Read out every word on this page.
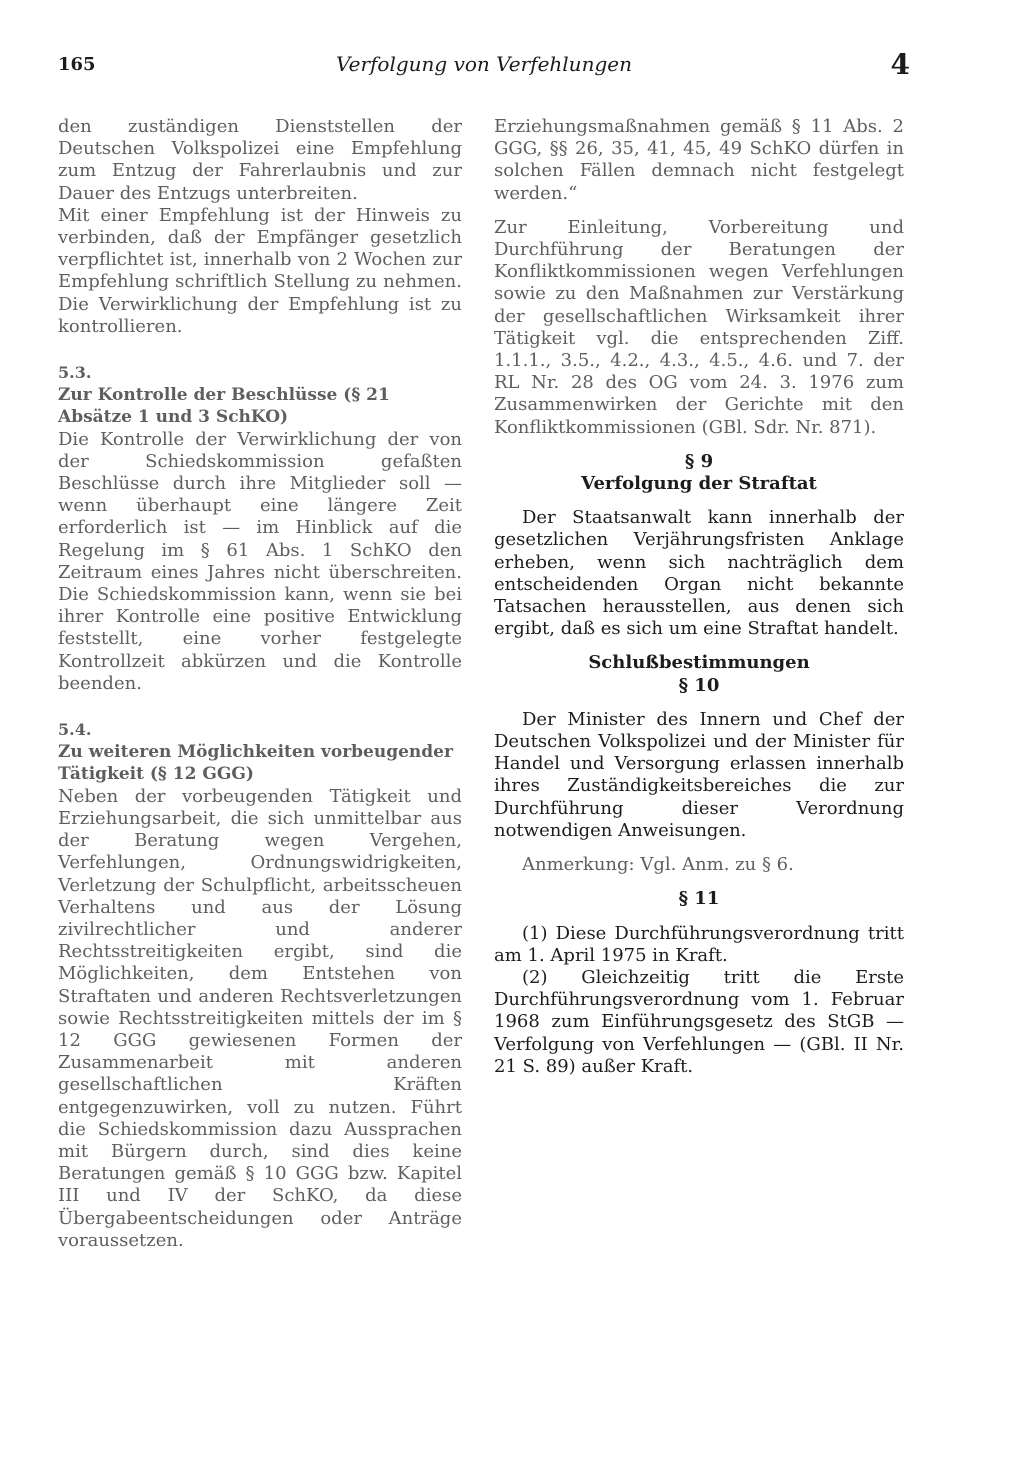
165	Verfolgung von Verfehlungen	4

den zuständigen Dienststellen der Deutschen Volkspolizei eine Empfehlung zum Entzug der Fahrerlaubnis und zur Dauer des Entzugs unterbreiten.

Mit einer Empfehlung ist der Hinweis zu verbinden, daß der Empfänger gesetzlich verpflichtet ist, innerhalb von 2 Wochen zur Empfehlung schriftlich Stellung zu nehmen. Die Verwirklichung der Empfehlung ist zu kontrollieren.

5.3.
Zur Kontrolle der Beschlüsse (§ 21 Absätze 1 und 3 SchKO)

Die Kontrolle der Verwirklichung der von der Schiedskommission gefaßten Beschlüsse durch ihre Mitglieder soll — wenn überhaupt eine längere Zeit erforderlich ist — im Hinblick auf die Regelung im § 61 Abs. 1 SchKO den Zeitraum eines Jahres nicht überschreiten. Die Schiedskommission kann, wenn sie bei ihrer Kontrolle eine positive Entwicklung feststellt, eine vorher festgelegte Kontrollzeit abkürzen und die Kontrolle beenden.

5.4.
Zu weiteren Möglichkeiten vorbeugender Tätigkeit (§ 12 GGG)

Neben der vorbeugenden Tätigkeit und Erziehungsarbeit, die sich unmittelbar aus der Beratung wegen Vergehen, Verfehlungen, Ordnungswidrigkeiten, Verletzung der Schulpflicht, arbeitsscheuen Verhaltens und aus der Lösung zivilrechtlicher und anderer Rechtsstreitigkeiten ergibt, sind die Möglichkeiten, dem Entstehen von Straftaten und anderen Rechtsverletzungen sowie Rechtsstreitigkeiten mittels der im § 12 GGG gewiesenen Formen der Zusammenarbeit mit anderen gesellschaftlichen Kräften entgegenzuwirken, voll zu nutzen. Führt die Schiedskommission dazu Aussprachen mit Bürgern durch, sind dies keine Beratungen gemäß § 10 GGG bzw. Kapitel III und IV der SchKO, da diese Übergabeentscheidungen oder Anträge voraussetzen.

Erziehungsmaßnahmen gemäß § 11 Abs. 2 GGG, §§ 26, 35, 41, 45, 49 SchKO dürfen in solchen Fällen demnach nicht festgelegt werden.“

Zur Einleitung, Vorbereitung und Durchführung der Beratungen der Konfliktkommissionen wegen Verfehlungen sowie zu den Maßnahmen zur Verstärkung der gesellschaftlichen Wirksamkeit ihrer Tätigkeit vgl. die entsprechenden Ziff. 1.1.1., 3.5., 4.2., 4.3., 4.5., 4.6. und 7. der RL Nr. 28 des OG vom 24. 3. 1976 zum Zusammenwirken der Gerichte mit den Konfliktkommissionen (GBl. Sdr. Nr. 871).

§ 9
Verfolgung der Straftat

Der Staatsanwalt kann innerhalb der gesetzlichen Verjährungsfristen Anklage erheben, wenn sich nachträglich dem entscheidenden Organ nicht bekannte Tatsachen herausstellen, aus denen sich ergibt, daß es sich um eine Straftat handelt.

Schlußbestimmungen
§ 10

Der Minister des Innern und Chef der Deutschen Volkspolizei und der Minister für Handel und Versorgung erlassen innerhalb ihres Zuständigkeitsbereiches die zur Durchführung dieser Verordnung notwendigen Anweisungen.

Anmerkung: Vgl. Anm. zu § 6.

§ 11

(1) Diese Durchführungsverordnung tritt am 1. April 1975 in Kraft.

(2) Gleichzeitig tritt die Erste Durchführungsverordnung vom 1. Februar 1968 zum Einführungsgesetz des StGB — Verfolgung von Verfehlungen — (GBl. II Nr. 21 S. 89) außer Kraft.
